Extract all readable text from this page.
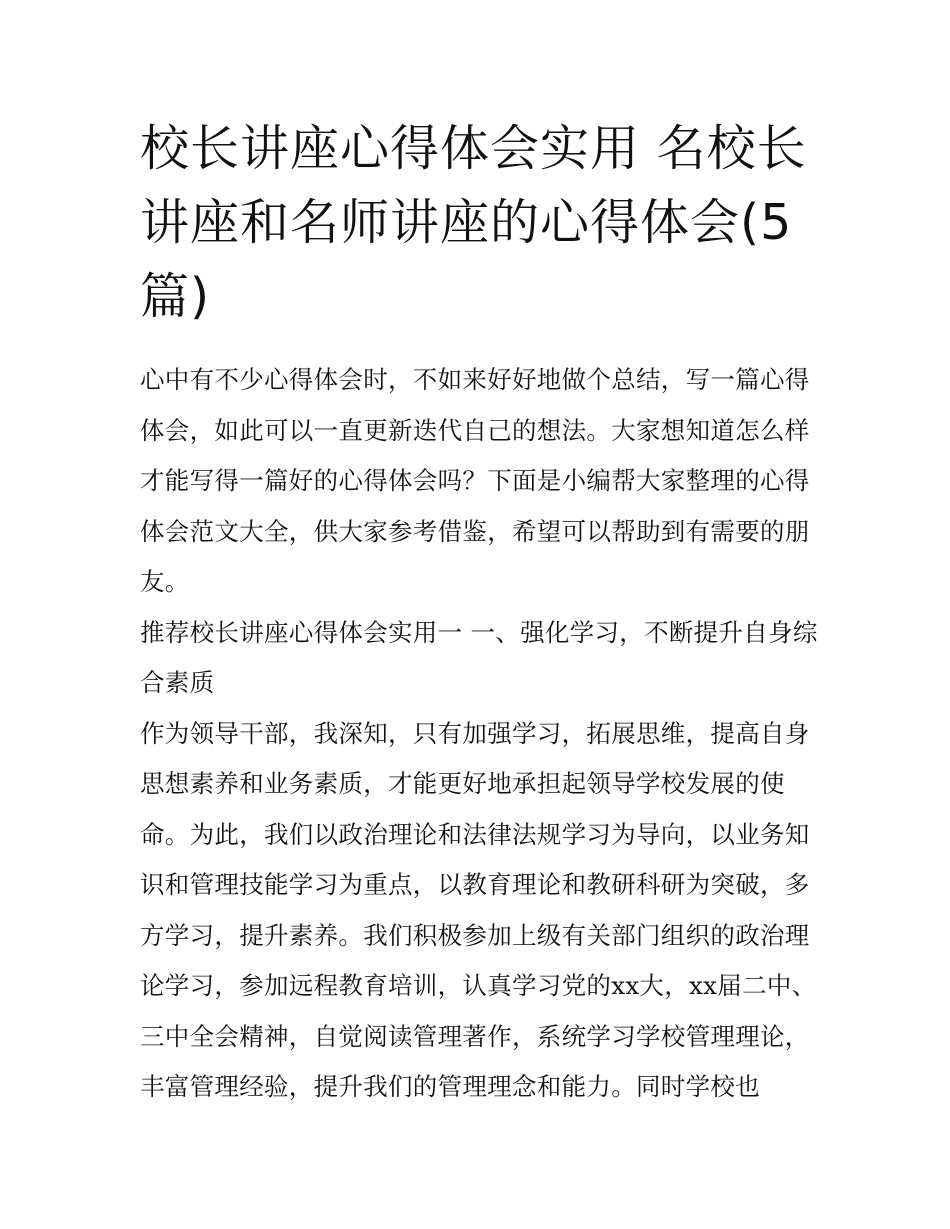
校长讲座心得体会实用 名校长讲座和名师讲座的心得体会(5篇)

心中有不少心得体会时，不如来好好地做个总结，写一篇心得体会，如此可以一直更新迭代自己的想法。大家想知道怎么样才能写得一篇好的心得体会吗？下面是小编帮大家整理的心得体会范文大全，供大家参考借鉴，希望可以帮助到有需要的朋友。

推荐校长讲座心得体会实用一 一、强化学习，不断提升自身综合素质

作为领导干部，我深知，只有加强学习，拓展思维，提高自身思想素养和业务素质，才能更好地承担起领导学校发展的使命。为此，我们以政治理论和法律法规学习为导向，以业务知识和管理技能学习为重点，以教育理论和教研科研为突破，多方学习，提升素养。我们积极参加上级有关部门组织的政治理论学习，参加远程教育培训，认真学习党的xx大，xx届二中、三中全会精神，自觉阅读管理著作，系统学习学校管理理论，丰富管理经验，提升我们的管理理念和能力。同时学校也
